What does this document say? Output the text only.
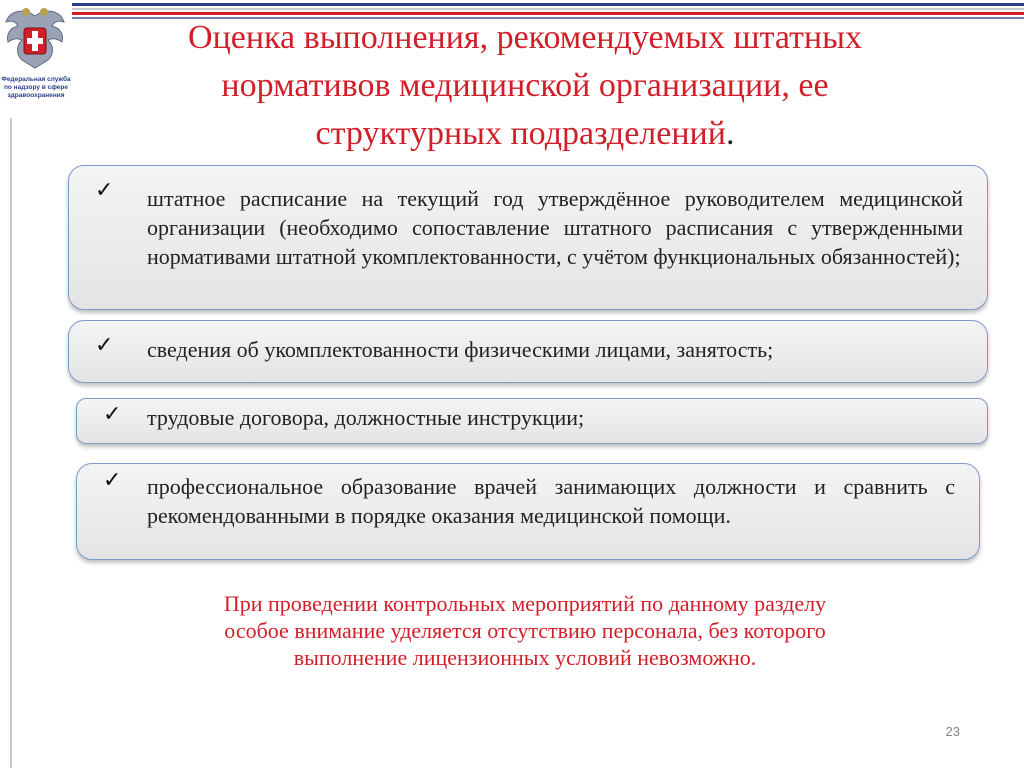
Федеральная служба
по надзору в сфере
здравоохранения
Оценка выполнения, рекомендуемых штатных
нормативов медицинской организации, ее
структурных подразделений.
✓ штатное расписание на текущий год утверждённое руководителем медицинской организации (необходимо сопоставление штатного расписания с утвержденными нормативами штатной укомплектованности, с учётом функциональных обязанностей);
✓ сведения об укомплектованности физическими лицами, занятость;
✓ трудовые договора, должностные инструкции;
✓ профессиональное образование врачей занимающих должности и сравнить с рекомендованными в порядке оказания медицинской помощи.
При проведении контрольных мероприятий по данному разделу
особое внимание уделяется отсутствию персонала, без которого
выполнение лицензионных условий невозможно.
23
